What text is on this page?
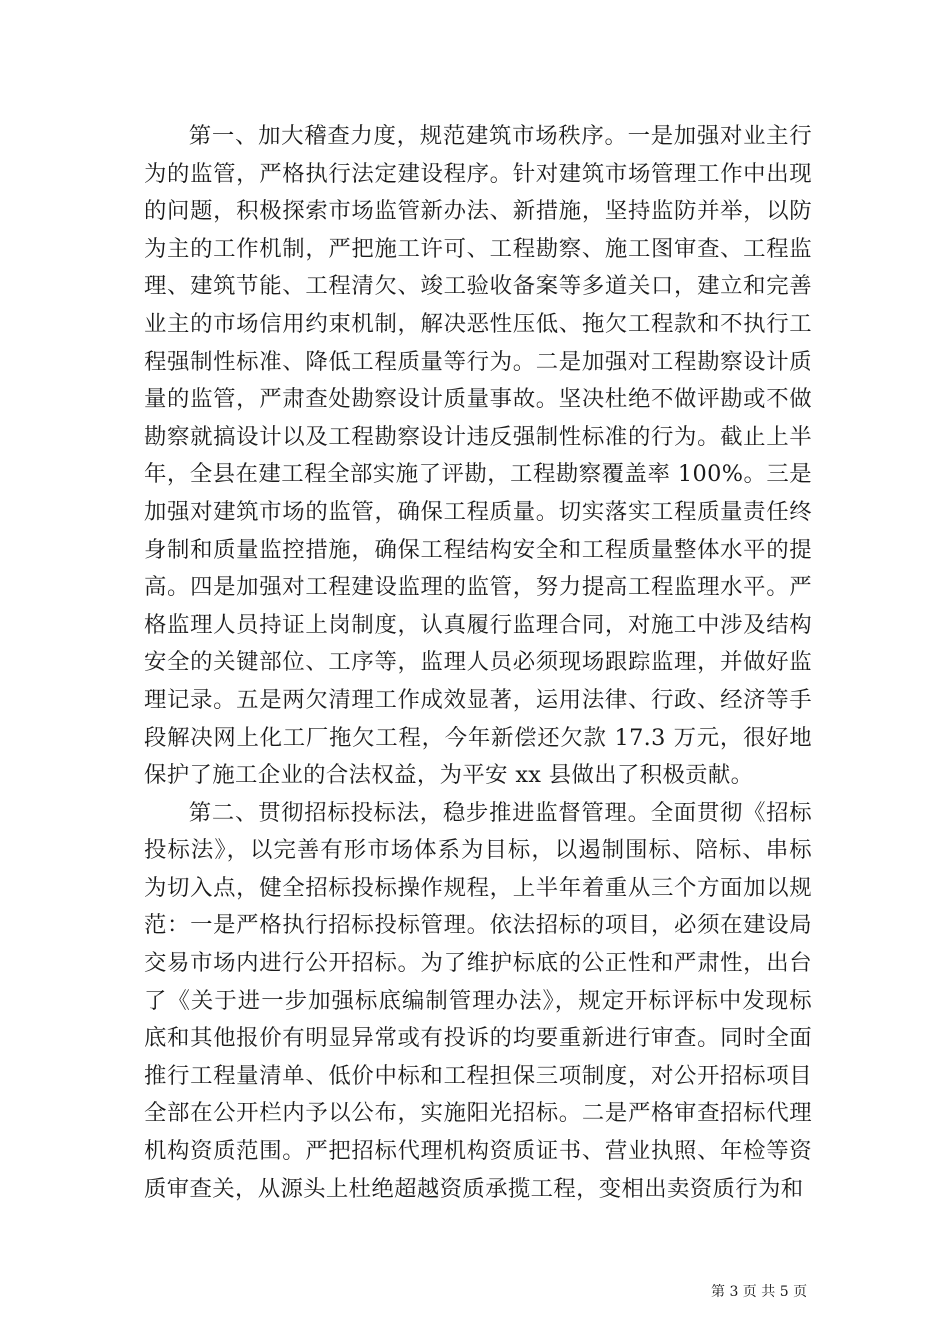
第一、加大稽查力度，规范建筑市场秩序。一是加强对业主行为的监管，严格执行法定建设程序。针对建筑市场管理工作中出现的问题，积极探索市场监管新办法、新措施，坚持监防并举，以防为主的工作机制，严把施工许可、工程勘察、施工图审查、工程监理、建筑节能、工程清欠、竣工验收备案等多道关口，建立和完善业主的市场信用约束机制，解决恶性压低、拖欠工程款和不执行工程强制性标准、降低工程质量等行为。二是加强对工程勘察设计质量的监管，严肃查处勘察设计质量事故。坚决杜绝不做评勘或不做勘察就搞设计以及工程勘察设计违反强制性标准的行为。截止上半年，全县在建工程全部实施了评勘，工程勘察覆盖率 100%。三是加强对建筑市场的监管，确保工程质量。切实落实工程质量责任终身制和质量监控措施，确保工程结构安全和工程质量整体水平的提高。四是加强对工程建设监理的监管，努力提高工程监理水平。严格监理人员持证上岗制度，认真履行监理合同，对施工中涉及结构安全的关键部位、工序等，监理人员必须现场跟踪监理，并做好监理记录。五是两欠清理工作成效显著，运用法律、行政、经济等手段解决网上化工厂拖欠工程，今年新偿还欠款 17.3 万元，很好地保护了施工企业的合法权益，为平安 xx 县做出了积极贡献。

第二、贯彻招标投标法，稳步推进监督管理。全面贯彻《招标投标法》，以完善有形市场体系为目标，以遏制围标、陪标、串标为切入点，健全招标投标操作规程，上半年着重从三个方面加以规范：一是严格执行招标投标管理。依法招标的项目，必须在建设局交易市场内进行公开招标。为了维护标底的公正性和严肃性，出台了《关于进一步加强标底编制管理办法》，规定开标评标中发现标底和其他报价有明显异常或有投诉的均要重新进行审查。同时全面推行工程量清单、低价中标和工程担保三项制度，对公开招标项目全部在公开栏内予以公布，实施阳光招标。二是严格审查招标代理机构资质范围。严把招标代理机构资质证书、营业执照、年检等资质审查关，从源头上杜绝超越资质承揽工程，变相出卖资质行为和

第 3 页 共 5 页
